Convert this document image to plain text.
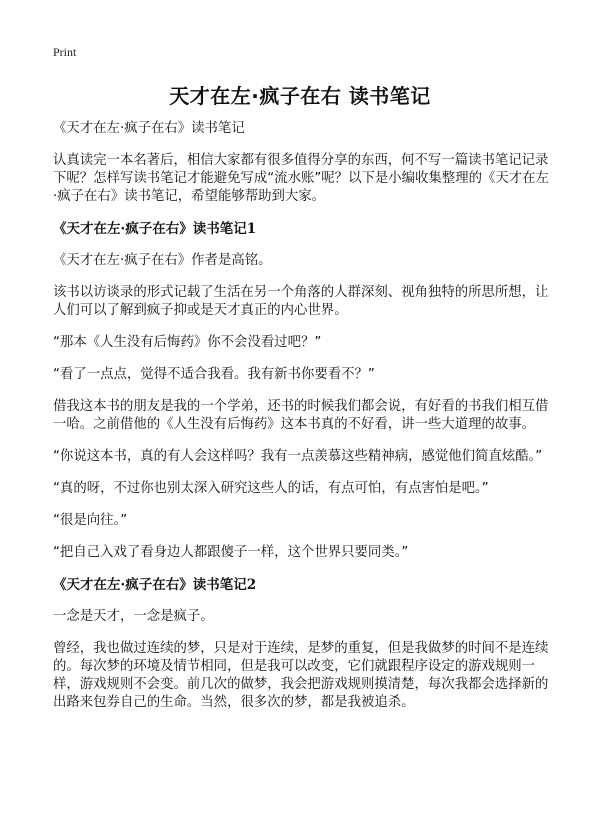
Print
天才在左·疯子在右 读书笔记

《天才在左·疯子在右》读书笔记

认真读完一本名著后，相信大家都有很多值得分享的东西，何不写一篇读书笔记记录下呢？怎样写读书笔记才能避免写成“流水账”呢？以下是小编收集整理的《天才在左·疯子在右》读书笔记，希望能够帮助到大家。

《天才在左·疯子在右》读书笔记1

《天才在左·疯子在右》作者是高铭。

该书以访谈录的形式记载了生活在另一个角落的人群深刻、视角独特的所思所想，让人们可以了解到疯子抑或是天才真正的内心世界。

“那本《人生没有后悔药》你不会没看过吧？”

“看了一点点，觉得不适合我看。我有新书你要看不？”

借我这本书的朋友是我的一个学弟，还书的时候我们都会说，有好看的书我们相互借一哈。之前借他的《人生没有后悔药》这本书真的不好看，讲一些大道理的故事。

“你说这本书，真的有人会这样吗？我有一点羡慕这些精神病，感觉他们简直炫酷。”

“真的呀，不过你也别太深入研究这些人的话，有点可怕，有点害怕是吧。”

“很是向往。”

“把自己入戏了看身边人都跟傻子一样，这个世界只要同类。”

《天才在左·疯子在右》读书笔记2

一念是天才，一念是疯子。

曾经，我也做过连续的梦，只是对于连续，是梦的重复，但是我做梦的时间不是连续的。每次梦的环境及情节相同，但是我可以改变，它们就跟程序设定的游戏规则一样，游戏规则不会变。前几次的做梦，我会把游戏规则摸清楚，每次我都会选择新的出路来包券自己的生命。当然，很多次的梦，都是我被追杀。
